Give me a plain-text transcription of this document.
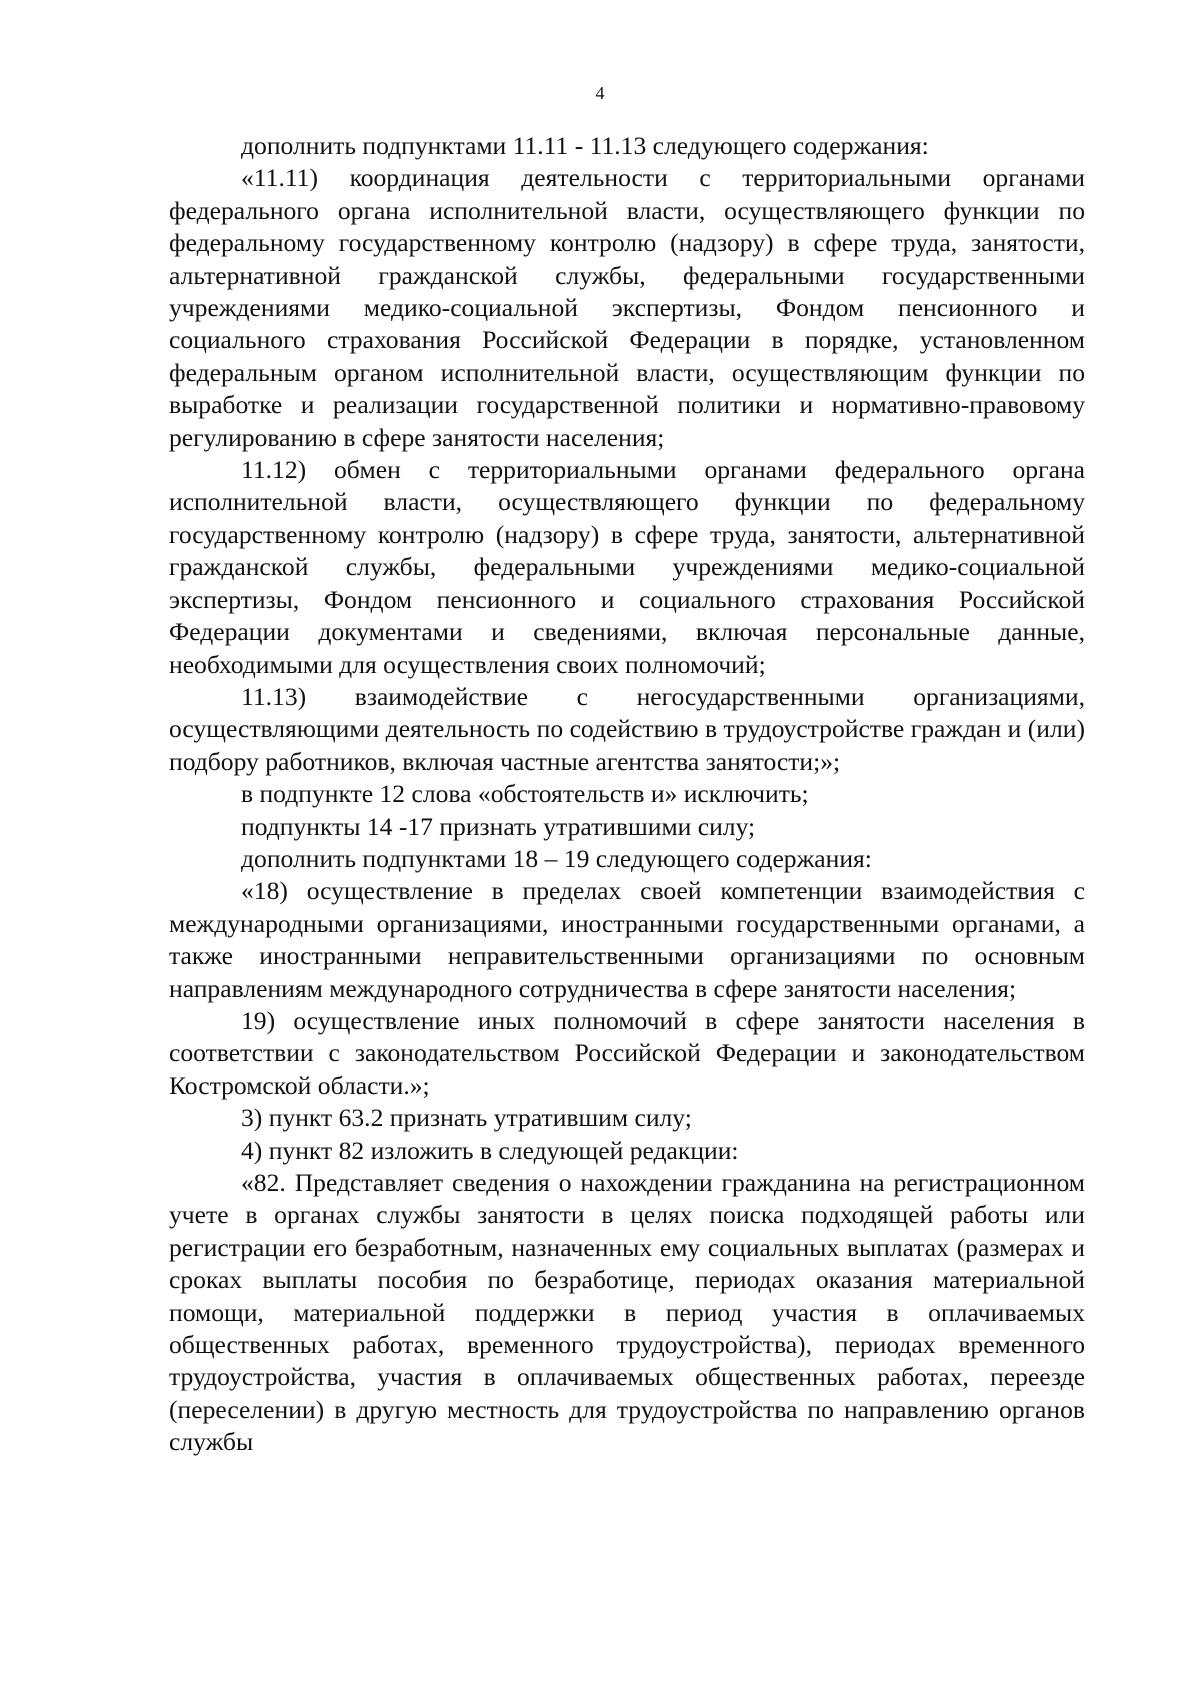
4

дополнить подпунктами 11.11 - 11.13 следующего содержания:

«11.11) координация деятельности с территориальными органами федерального органа исполнительной власти, осуществляющего функции по федеральному государственному контролю (надзору) в сфере труда, занятости, альтернативной гражданской службы, федеральными государственными учреждениями медико-социальной экспертизы, Фондом пенсионного и социального страхования Российской Федерации в порядке, установленном федеральным органом исполнительной власти, осуществляющим функции по выработке и реализации государственной политики и нормативно-правовому регулированию в сфере занятости населения;

11.12) обмен с территориальными органами федерального органа исполнительной власти, осуществляющего функции по федеральному государственному контролю (надзору) в сфере труда, занятости, альтернативной гражданской службы, федеральными учреждениями медико-социальной экспертизы, Фондом пенсионного и социального страхования Российской Федерации документами и сведениями, включая персональные данные, необходимыми для осуществления своих полномочий;

11.13) взаимодействие с негосударственными организациями, осуществляющими деятельность по содействию в трудоустройстве граждан и (или) подбору работников, включая частные агентства занятости;»;

в подпункте 12 слова «обстоятельств и» исключить;

подпункты 14 -17 признать утратившими силу;

дополнить подпунктами 18 – 19 следующего содержания:

«18) осуществление в пределах своей компетенции взаимодействия с международными организациями, иностранными государственными органами, а также иностранными неправительственными организациями по основным направлениям международного сотрудничества в сфере занятости населения;

19) осуществление иных полномочий в сфере занятости населения в соответствии с законодательством Российской Федерации и законодательством Костромской области.»;

3) пункт 63.2 признать утратившим силу;

4) пункт 82 изложить в следующей редакции:

«82. Представляет сведения о нахождении гражданина на регистрационном учете в органах службы занятости в целях поиска подходящей работы или регистрации его безработным, назначенных ему социальных выплатах (размерах и сроках выплаты пособия по безработице, периодах оказания материальной помощи, материальной поддержки в период участия в оплачиваемых общественных работах, временного трудоустройства), периодах временного трудоустройства, участия в оплачиваемых общественных работах, переезде (переселении) в другую местность для трудоустройства по направлению органов службы
